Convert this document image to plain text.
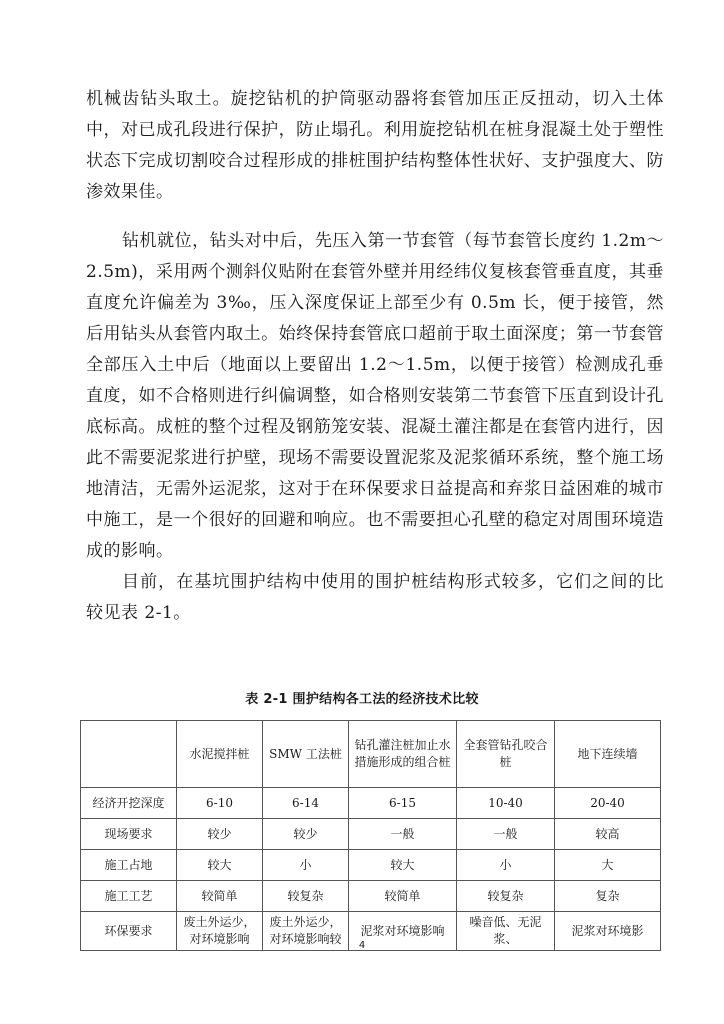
机械齿钻头取土。旋挖钻机的护筒驱动器将套管加压正反扭动，切入土体中，对已成孔段进行保护，防止塌孔。利用旋挖钻机在桩身混凝土处于塑性状态下完成切割咬合过程形成的排桩围护结构整体性状好、支护强度大、防渗效果佳。

钻机就位，钻头对中后，先压入第一节套管（每节套管长度约 1.2m～2.5m)，采用两个测斜仪贴附在套管外壁并用经纬仪复核套管垂直度，其垂直度允许偏差为 3‰，压入深度保证上部至少有 0.5m 长，便于接管，然后用钻头从套管内取土。始终保持套管底口超前于取土面深度；第一节套管全部压入土中后（地面以上要留出 1.2～1.5m，以便于接管）检测成孔垂直度，如不合格则进行纠偏调整，如合格则安装第二节套管下压直到设计孔底标高。成桩的整个过程及钢筋笼安装、混凝土灌注都是在套管内进行，因此不需要泥浆进行护壁，现场不需要设置泥浆及泥浆循环系统，整个施工场地清洁，无需外运泥浆，这对于在环保要求日益提高和弃浆日益困难的城市中施工，是一个很好的回避和响应。也不需要担心孔壁的稳定对周围环境造成的影响。

目前，在基坑围护结构中使用的围护桩结构形式较多，它们之间的比较见表 2-1。

表 2-1 围护结构各工法的经济技术比较

	水泥搅拌桩	SMW 工法桩	钻孔灌注桩加止水措施形成的组合桩	全套管钻孔咬合桩	地下连续墙
经济开挖深度	6-10	6-14	6-15	10-40	20-40
现场要求	较少	较少	一般	一般	较高
施工占地	较大	小	较大	小	大
施工工艺	较简单	较复杂	较简单	较复杂	复杂
环保要求	废土外运少，对环境影响	废土外运少，对环境影响较	泥浆对环境影响	噪音低、无泥浆、	泥浆对环境影

4
